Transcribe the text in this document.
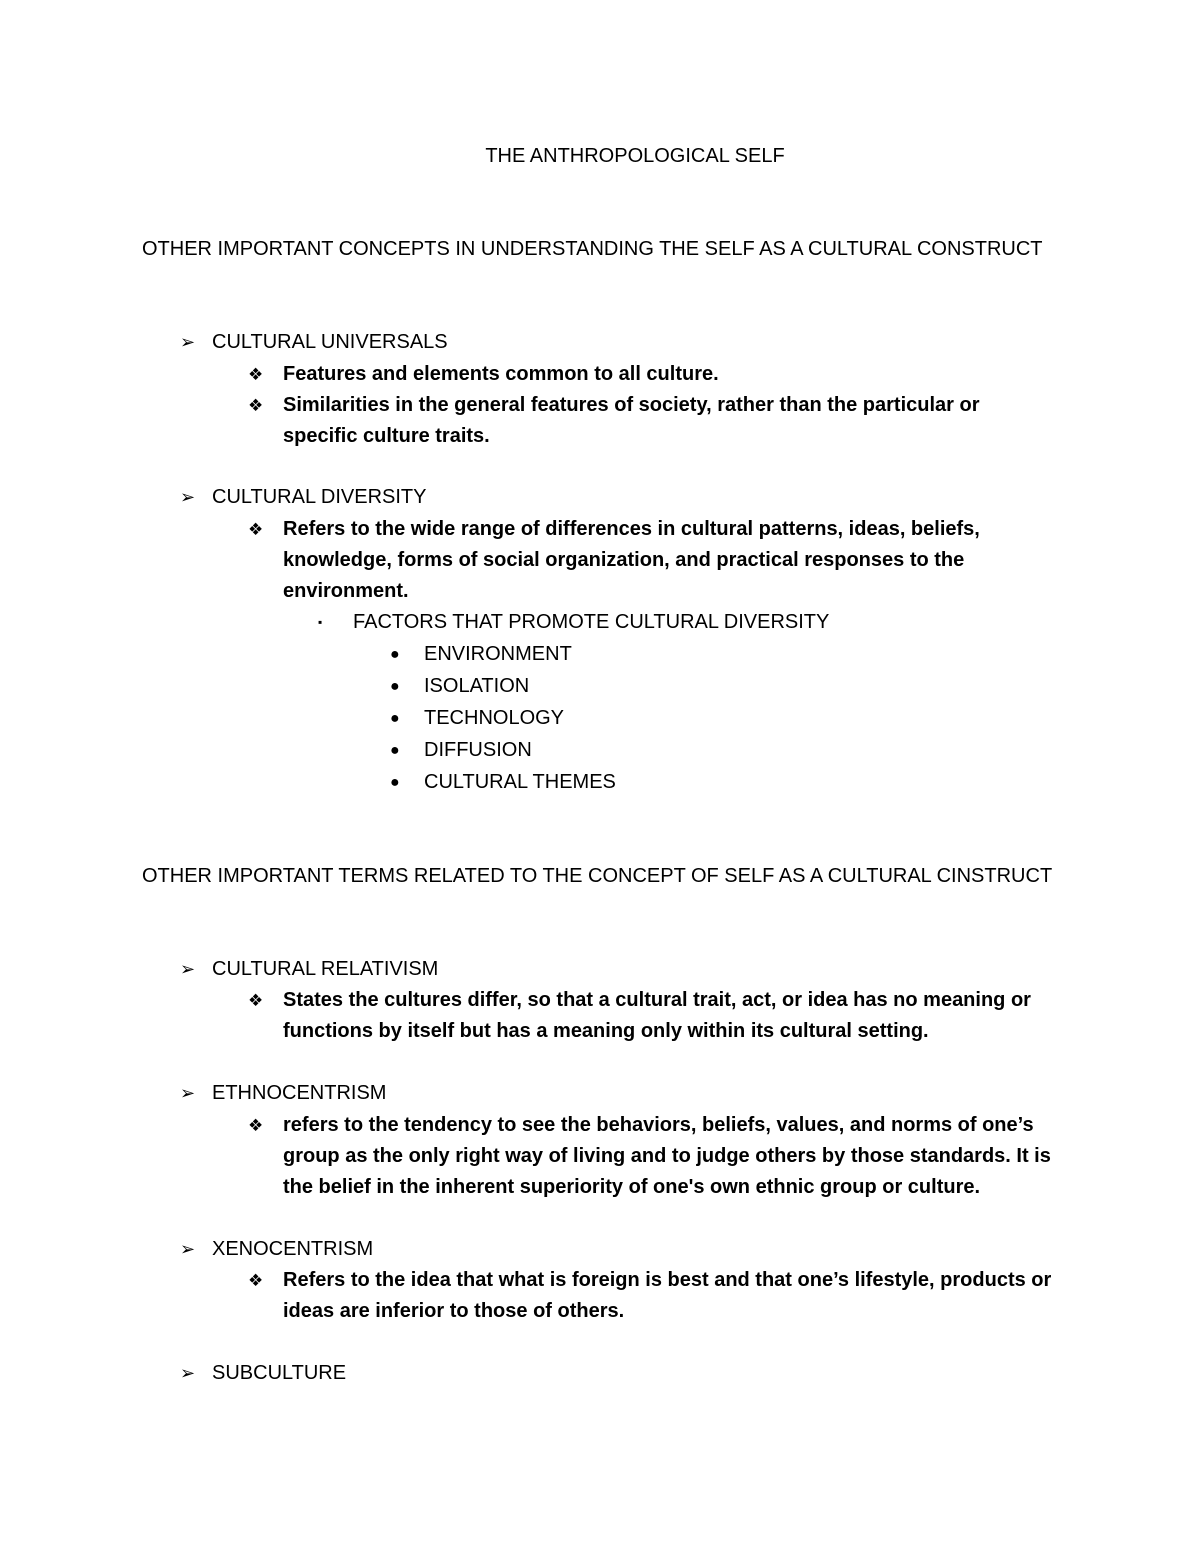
THE ANTHROPOLOGICAL SELF
OTHER IMPORTANT CONCEPTS IN UNDERSTANDING THE SELF AS A CULTURAL CONSTRUCT
➢ CULTURAL UNIVERSALS
❖ Features and elements common to all culture.
❖ Similarities in the general features of society, rather than the particular or specific culture traits.
➢ CULTURAL DIVERSITY
❖ Refers to the wide range of differences in cultural patterns, ideas, beliefs, knowledge, forms of social organization, and practical responses to the environment.
▪ FACTORS THAT PROMOTE CULTURAL DIVERSITY
● ENVIRONMENT
● ISOLATION
● TECHNOLOGY
● DIFFUSION
● CULTURAL THEMES
OTHER IMPORTANT TERMS RELATED TO THE CONCEPT OF SELF AS A CULTURAL CINSTRUCT
➢ CULTURAL RELATIVISM
❖ States the cultures differ, so that a cultural trait, act, or idea has no meaning or functions by itself but has a meaning only within its cultural setting.
➢ ETHNOCENTRISM
❖ refers to the tendency to see the behaviors, beliefs, values, and norms of one’s group as the only right way of living and to judge others by those standards. It is the belief in the inherent superiority of one's own ethnic group or culture.
➢ XENOCENTRISM
❖ Refers to the idea that what is foreign is best and that one’s lifestyle, products or ideas are inferior to those of others.
➢ SUBCULTURE
